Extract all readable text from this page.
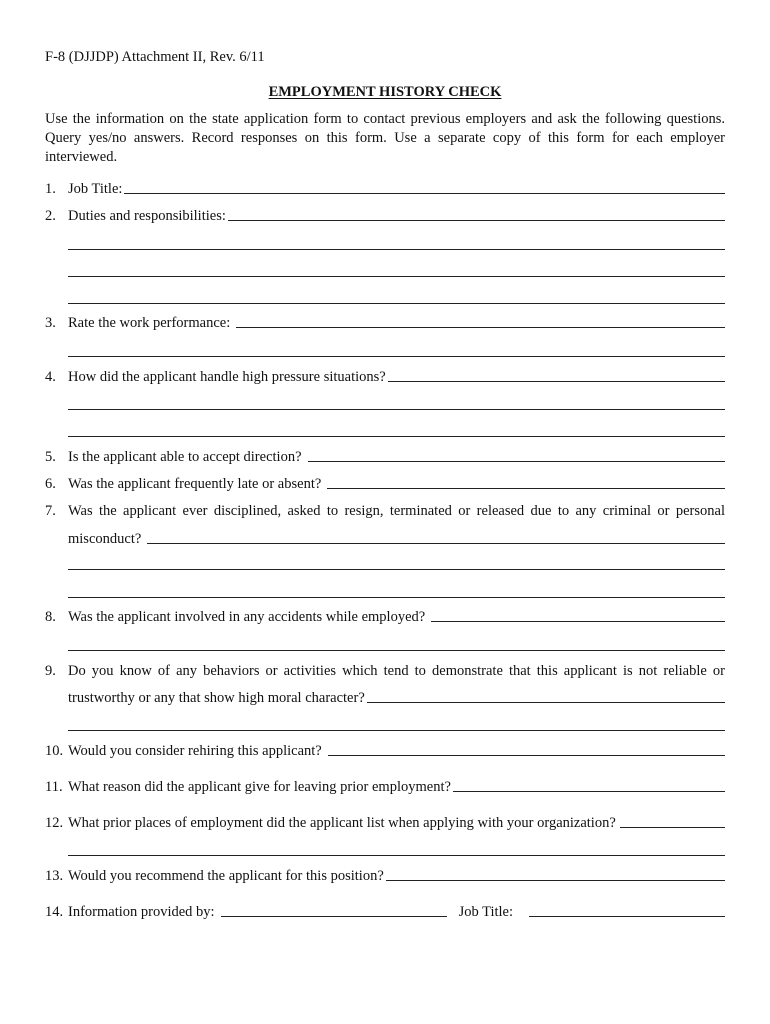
F-8 (DJJDP) Attachment II, Rev. 6/11
EMPLOYMENT HISTORY CHECK
Use the information on the state application form to contact previous employers and ask the following questions. Query yes/no answers. Record responses on this form. Use a separate copy of this form for each employer interviewed.
1. Job Title:
2. Duties and responsibilities:
3. Rate the work performance:
4. How did the applicant handle high pressure situations?
5. Is the applicant able to accept direction?
6. Was the applicant frequently late or absent?
7. Was the applicant ever disciplined, asked to resign, terminated or released due to any criminal or personal
misconduct?
8. Was the applicant involved in any accidents while employed?
9. Do you know of any behaviors or activities which tend to demonstrate that this applicant is not reliable or
trustworthy or any that show high moral character?
10. Would you consider rehiring this applicant?
11. What reason did the applicant give for leaving prior employment?
12. What prior places of employment did the applicant list when applying with your organization?
13. Would you recommend the applicant for this position?
14. Information provided by:	Job Title:
